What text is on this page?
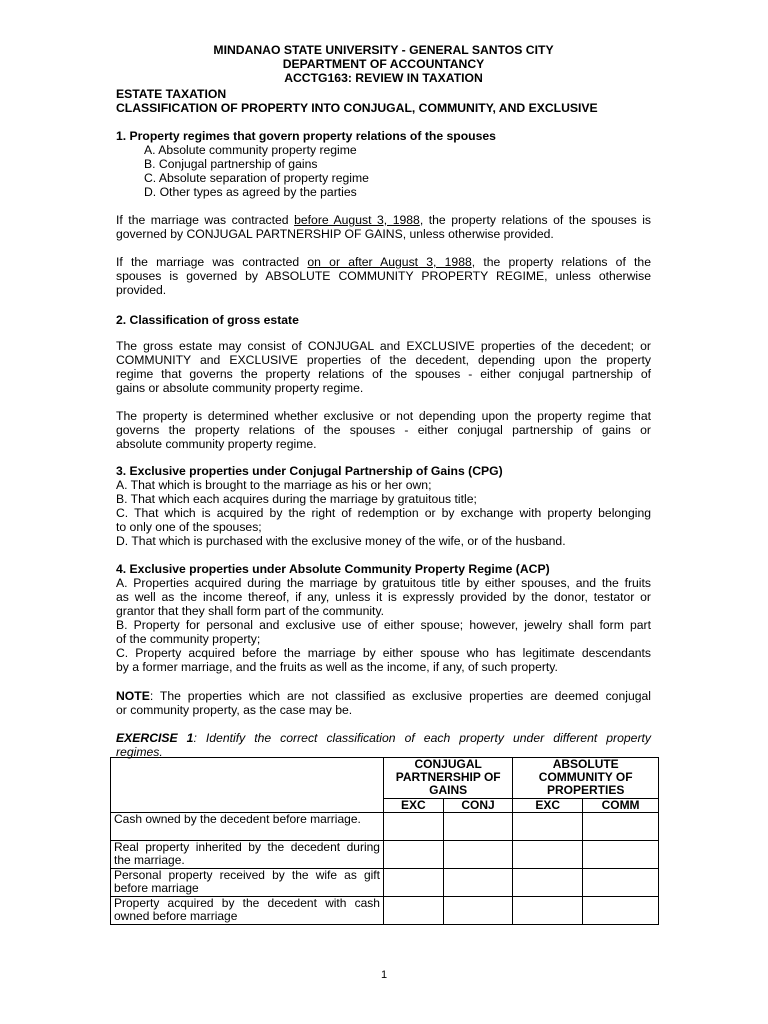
MINDANAO STATE UNIVERSITY - GENERAL SANTOS CITY
DEPARTMENT OF ACCOUNTANCY
ACCTG163: REVIEW IN TAXATION
ESTATE TAXATION
CLASSIFICATION OF PROPERTY INTO CONJUGAL, COMMUNITY, AND EXCLUSIVE
1. Property regimes that govern property relations of the spouses
A. Absolute community property regime
B. Conjugal partnership of gains
C. Absolute separation of property regime
D. Other types as agreed by the parties
If the marriage was contracted before August 3, 1988, the property relations of the spouses is
governed by CONJUGAL PARTNERSHIP OF GAINS, unless otherwise provided.
If the marriage was contracted on or after August 3, 1988, the property relations of the
spouses is governed by ABSOLUTE COMMUNITY PROPERTY REGIME, unless otherwise
provided.
2. Classification of gross estate
The gross estate may consist of CONJUGAL and EXCLUSIVE properties of the decedent; or
COMMUNITY and EXCLUSIVE properties of the decedent, depending upon the property
regime that governs the property relations of the spouses - either conjugal partnership of
gains or absolute community property regime.
The property is determined whether exclusive or not depending upon the property regime that
governs the property relations of the spouses - either conjugal partnership of gains or
absolute community property regime.
3. Exclusive properties under Conjugal Partnership of Gains (CPG)
A. That which is brought to the marriage as his or her own;
B. That which each acquires during the marriage by gratuitous title;
C. That which is acquired by the right of redemption or by exchange with property belonging
to only one of the spouses;
D. That which is purchased with the exclusive money of the wife, or of the husband.
4. Exclusive properties under Absolute Community Property Regime (ACP)
A. Properties acquired during the marriage by gratuitous title by either spouses, and the fruits
as well as the income thereof, if any, unless it is expressly provided by the donor, testator or
grantor that they shall form part of the community.
B. Property for personal and exclusive use of either spouse; however, jewelry shall form part
of the community property;
C. Property acquired before the marriage by either spouse who has legitimate descendants
by a former marriage, and the fruits as well as the income, if any, of such property.
NOTE: The properties which are not classified as exclusive properties are deemed conjugal
or community property, as the case may be.
EXERCISE 1: Identify the correct classification of each property under different property
regimes.
	CONJUGAL PARTNERSHIP OF GAINS		ABSOLUTE COMMUNITY OF PROPERTIES	
	EXC	CONJ	EXC	COMM
Cash owned by the decedent before marriage.				
Real property inherited by the decedent during the marriage.				
Personal property received by the wife as gift before marriage				
Property acquired by the decedent with cash owned before marriage				
1
